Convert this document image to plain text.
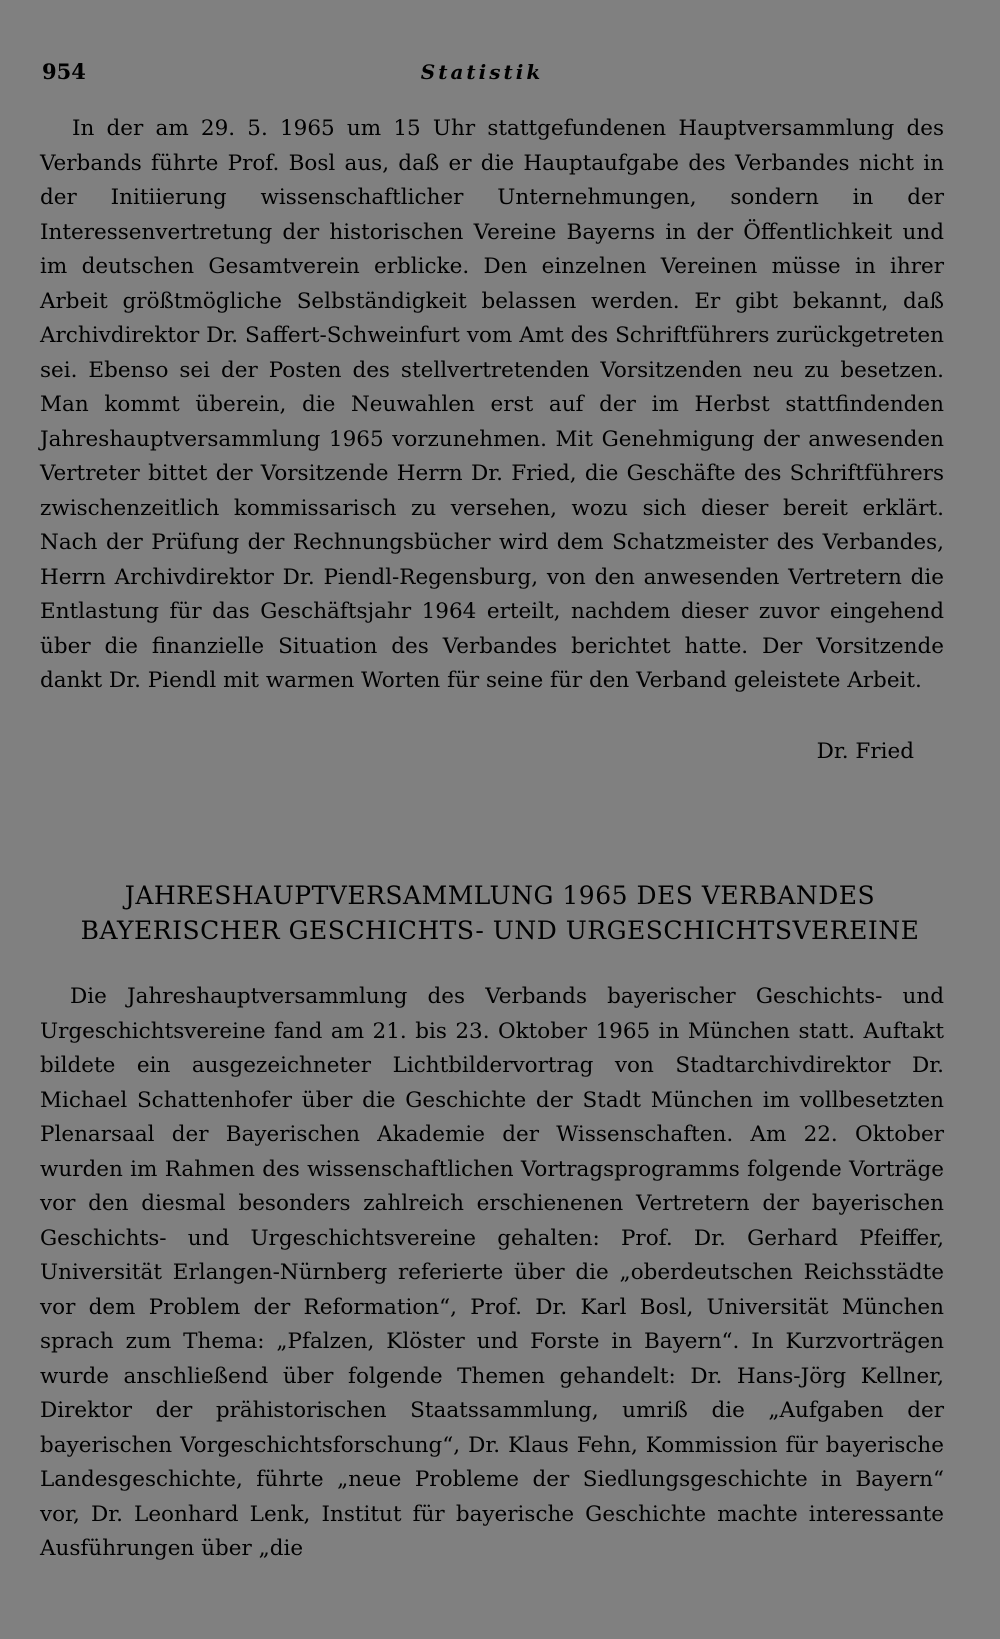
954	Statistik

In der am 29. 5. 1965 um 15 Uhr stattgefundenen Hauptversammlung des Verbands führte Prof. Bosl aus, daß er die Hauptaufgabe des Verbandes nicht in der Initiierung wissenschaftlicher Unternehmungen, sondern in der Interessenvertretung der historischen Vereine Bayerns in der Öffentlichkeit und im deutschen Gesamtverein erblicke. Den einzelnen Vereinen müsse in ihrer Arbeit größtmögliche Selbständigkeit belassen werden. Er gibt bekannt, daß Archivdirektor Dr. Saffert-Schweinfurt vom Amt des Schriftführers zurückgetreten sei. Ebenso sei der Posten des stellvertretenden Vorsitzenden neu zu besetzen. Man kommt überein, die Neuwahlen erst auf der im Herbst stattfindenden Jahreshauptversammlung 1965 vorzunehmen. Mit Genehmigung der anwesenden Vertreter bittet der Vorsitzende Herrn Dr. Fried, die Geschäfte des Schriftführers zwischenzeitlich kommissarisch zu versehen, wozu sich dieser bereit erklärt. Nach der Prüfung der Rechnungsbücher wird dem Schatzmeister des Verbandes, Herrn Archivdirektor Dr. Piendl-Regensburg, von den anwesenden Vertretern die Entlastung für das Geschäftsjahr 1964 erteilt, nachdem dieser zuvor eingehend über die finanzielle Situation des Verbandes berichtet hatte. Der Vorsitzende dankt Dr. Piendl mit warmen Worten für seine für den Verband geleistete Arbeit.

Dr. Fried
JAHRESHAUPTVERSAMMLUNG 1965 DES VERBANDES
BAYERISCHER GESCHICHTS- UND URGESCHICHTSVEREINE

Die Jahreshauptversammlung des Verbands bayerischer Geschichts- und Urgeschichtsvereine fand am 21. bis 23. Oktober 1965 in München statt. Auftakt bildete ein ausgezeichneter Lichtbildervortrag von Stadtarchivdirektor Dr. Michael Schattenhofer über die Geschichte der Stadt München im vollbesetzten Plenarsaal der Bayerischen Akademie der Wissenschaften. Am 22. Oktober wurden im Rahmen des wissenschaftlichen Vortragsprogramms folgende Vorträge vor den diesmal besonders zahlreich erschienenen Vertretern der bayerischen Geschichts- und Urgeschichtsvereine gehalten: Prof. Dr. Gerhard Pfeiffer, Universität Erlangen-Nürnberg referierte über die „oberdeutschen Reichsstädte vor dem Problem der Reformation“, Prof. Dr. Karl Bosl, Universität München sprach zum Thema: „Pfalzen, Klöster und Forste in Bayern“. In Kurzvorträgen wurde anschließend über folgende Themen gehandelt: Dr. Hans-Jörg Kellner, Direktor der prähistorischen Staatssammlung, umriß die „Aufgaben der bayerischen Vorgeschichtsforschung“, Dr. Klaus Fehn, Kommission für bayerische Landesgeschichte, führte „neue Probleme der Siedlungsgeschichte in Bayern“ vor, Dr. Leonhard Lenk, Institut für bayerische Geschichte machte interessante Ausführungen über „die
